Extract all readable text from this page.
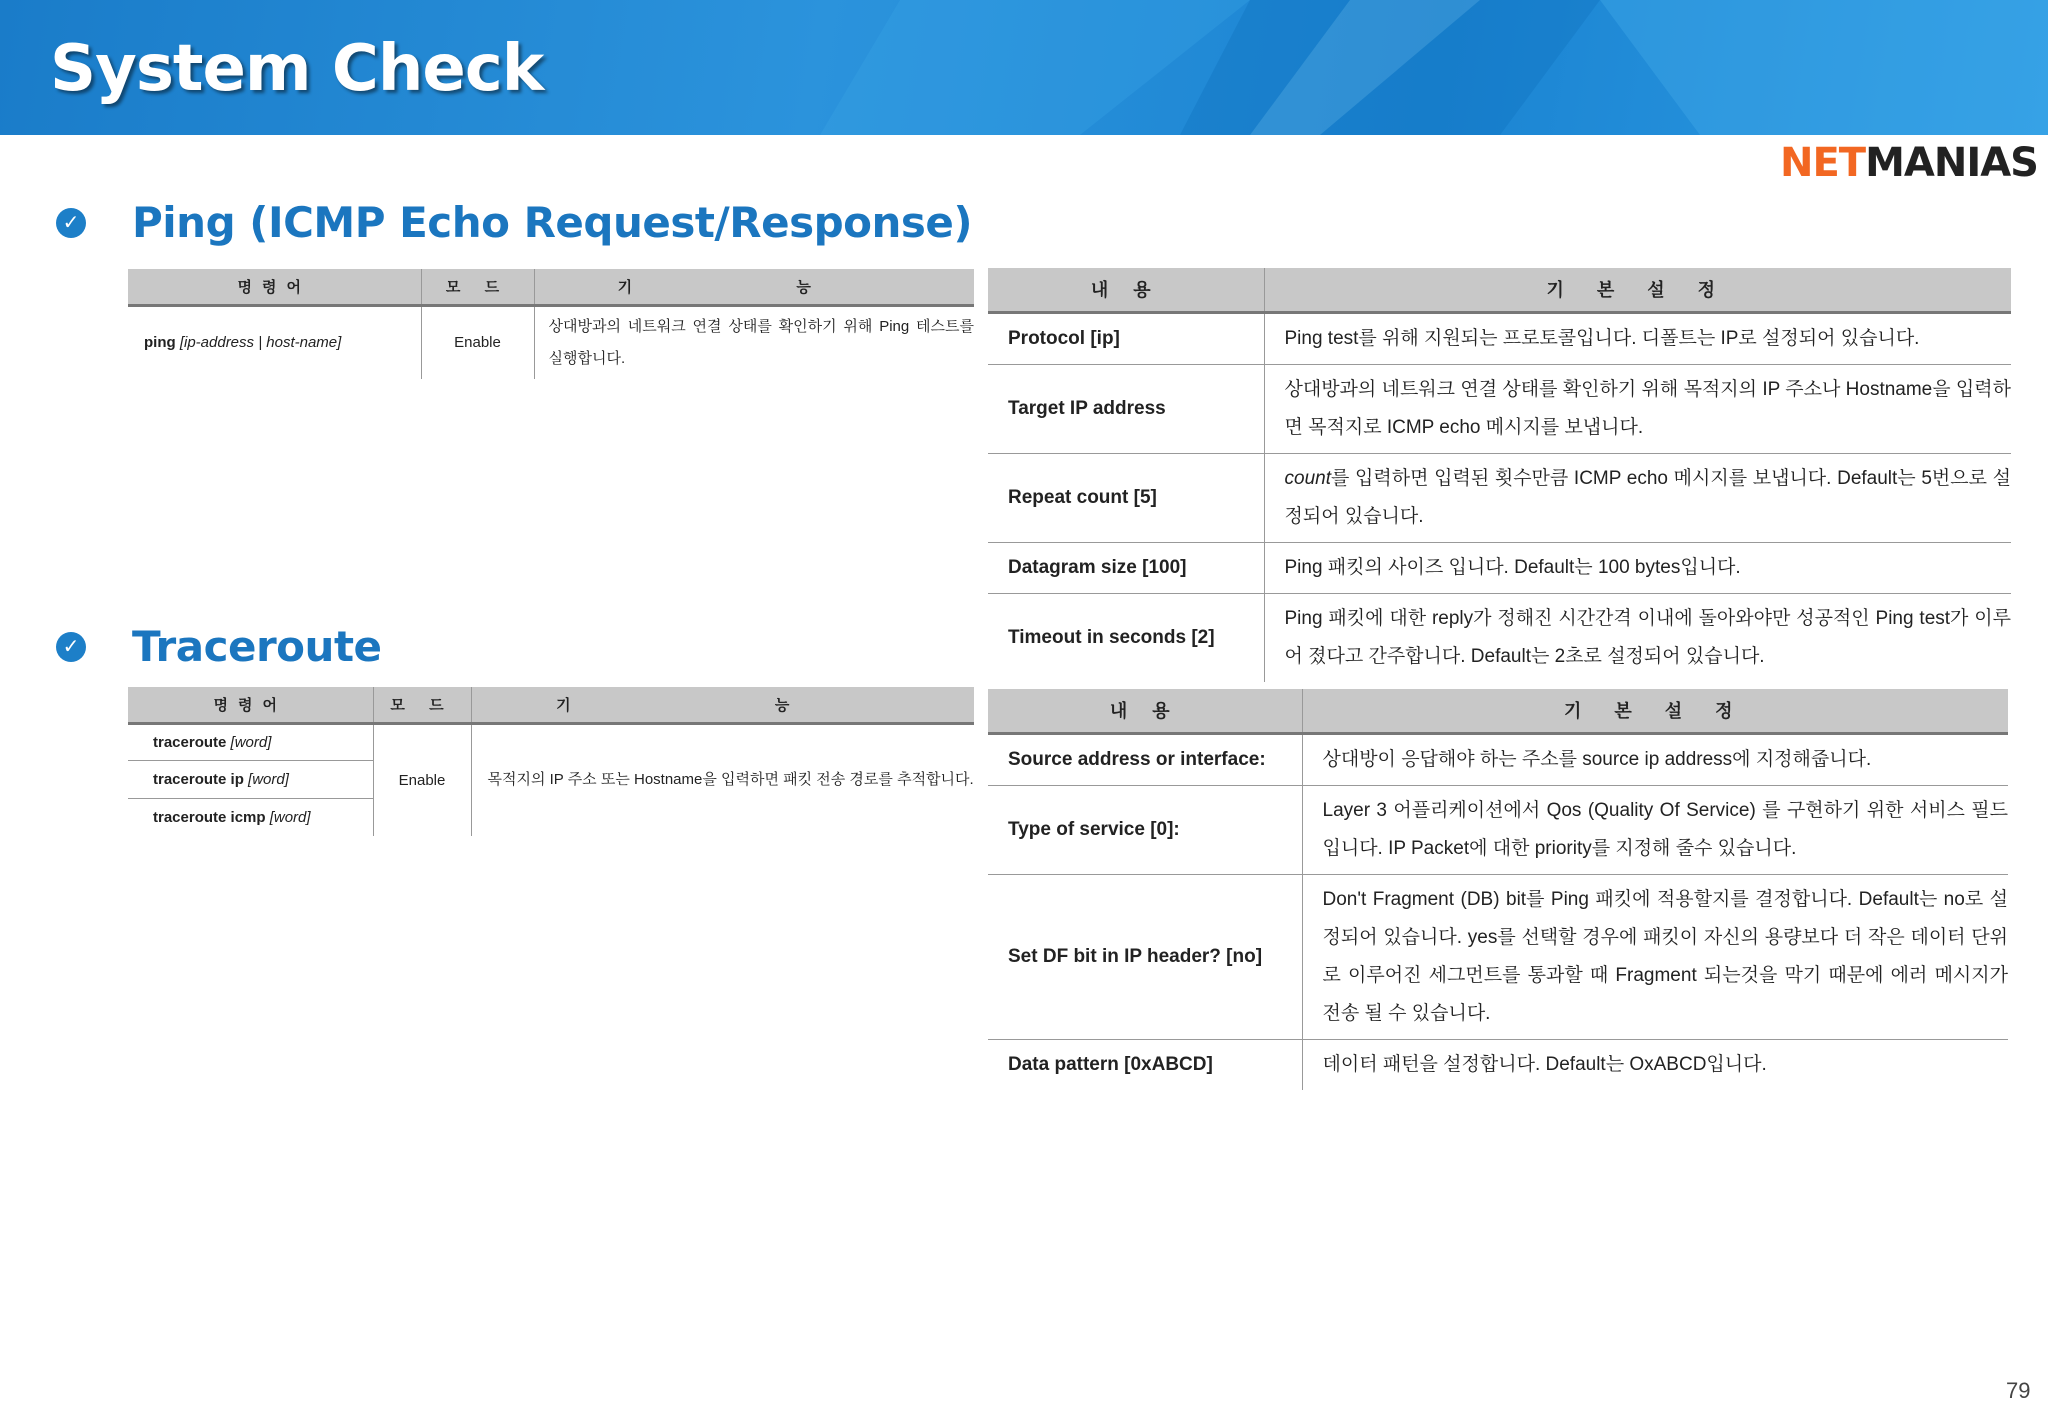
System Check
NETMANIAS
✓ Ping (ICMP Echo Request/Response)
명령어	모 드	기 능
ping [ip-address | host-name]	Enable	상대방과의 네트워크 연결 상태를 확인하기 위해 Ping 테스트를 실행합니다.
내 용	기 본 설 정
Protocol [ip]	Ping test를 위해 지원되는 프로토콜입니다. 디폴트는 IP로 설정되어 있습니다.
Target IP address	상대방과의 네트워크 연결 상태를 확인하기 위해 목적지의 IP 주소나 Hostname을 입력하면 목적지로 ICMP echo 메시지를 보냅니다.
Repeat count [5]	count를 입력하면 입력된 횟수만큼 ICMP echo 메시지를 보냅니다. Default는 5번으로 설정되어 있습니다.
Datagram size [100]	Ping 패킷의 사이즈 입니다. Default는 100 bytes입니다.
Timeout in seconds [2]	Ping 패킷에 대한 reply가 정해진 시간간격 이내에 돌아와야만 성공적인 Ping test가 이루어 졌다고 간주합니다. Default는 2초로 설정되어 있습니다.
✓ Traceroute
명령어	모 드	기 능
traceroute [word]	Enable	목적지의 IP 주소 또는 Hostname을 입력하면 패킷 전송 경로를 추적합니다.
traceroute ip [word]		
traceroute icmp [word]		
내 용	기 본 설 정
Source address or interface:	상대방이 응답해야 하는 주소를 source ip address에 지정해줍니다.
Type of service [0]:	Layer 3 어플리케이션에서 Qos (Quality Of Service) 를 구현하기 위한 서비스 필드입니다. IP Packet에 대한 priority를 지정해 줄수 있습니다.
Set DF bit in IP header? [no]	Don't Fragment (DB) bit를 Ping 패킷에 적용할지를 결정합니다. Default는 no로 설정되어 있습니다. yes를 선택할 경우에 패킷이 자신의 용량보다 더 작은 데이터 단위로 이루어진 세그먼트를 통과할 때 Fragment 되는것을 막기 때문에 에러 메시지가 전송 될 수 있습니다.
Data pattern [0xABCD]	데이터 패턴을 설정합니다. Default는 OxABCD입니다.
79
